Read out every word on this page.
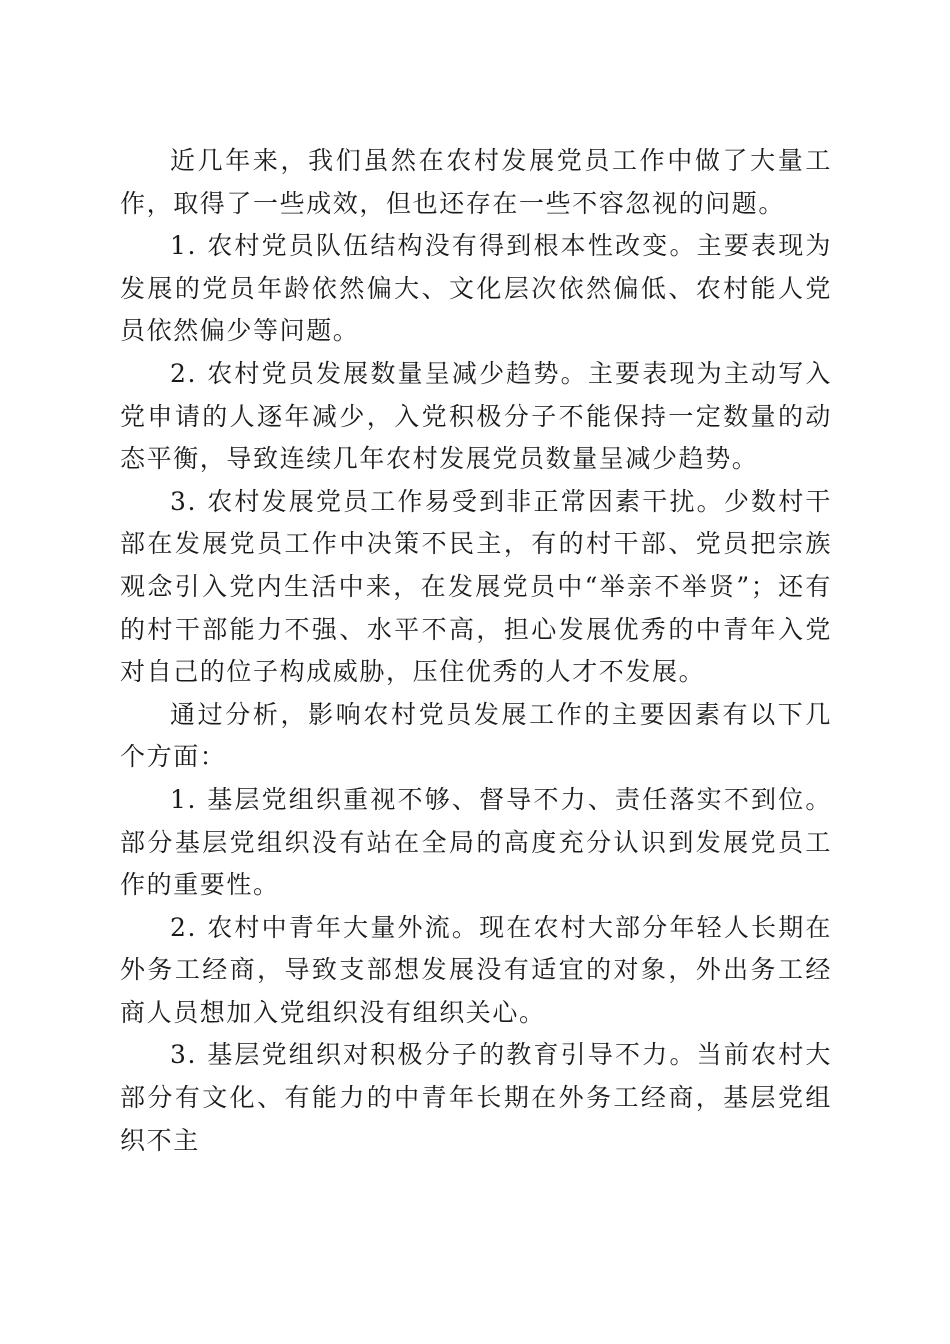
近几年来，我们虽然在农村发展党员工作中做了大量工作，取得了一些成效，但也还存在一些不容忽视的问题。

1. 农村党员队伍结构没有得到根本性改变。主要表现为发展的党员年龄依然偏大、文化层次依然偏低、农村能人党员依然偏少等问题。

2. 农村党员发展数量呈减少趋势。主要表现为主动写入党申请的人逐年减少，入党积极分子不能保持一定数量的动态平衡，导致连续几年农村发展党员数量呈减少趋势。

3. 农村发展党员工作易受到非正常因素干扰。少数村干部在发展党员工作中决策不民主，有的村干部、党员把宗族观念引入党内生活中来，在发展党员中“举亲不举贤”；还有的村干部能力不强、水平不高，担心发展优秀的中青年入党对自己的位子构成威胁，压住优秀的人才不发展。

通过分析，影响农村党员发展工作的主要因素有以下几个方面：

1. 基层党组织重视不够、督导不力、责任落实不到位。部分基层党组织没有站在全局的高度充分认识到发展党员工作的重要性。

2. 农村中青年大量外流。现在农村大部分年轻人长期在外务工经商，导致支部想发展没有适宜的对象，外出务工经商人员想加入党组织没有组织关心。

3. 基层党组织对积极分子的教育引导不力。当前农村大部分有文化、有能力的中青年长期在外务工经商，基层党组织不主
